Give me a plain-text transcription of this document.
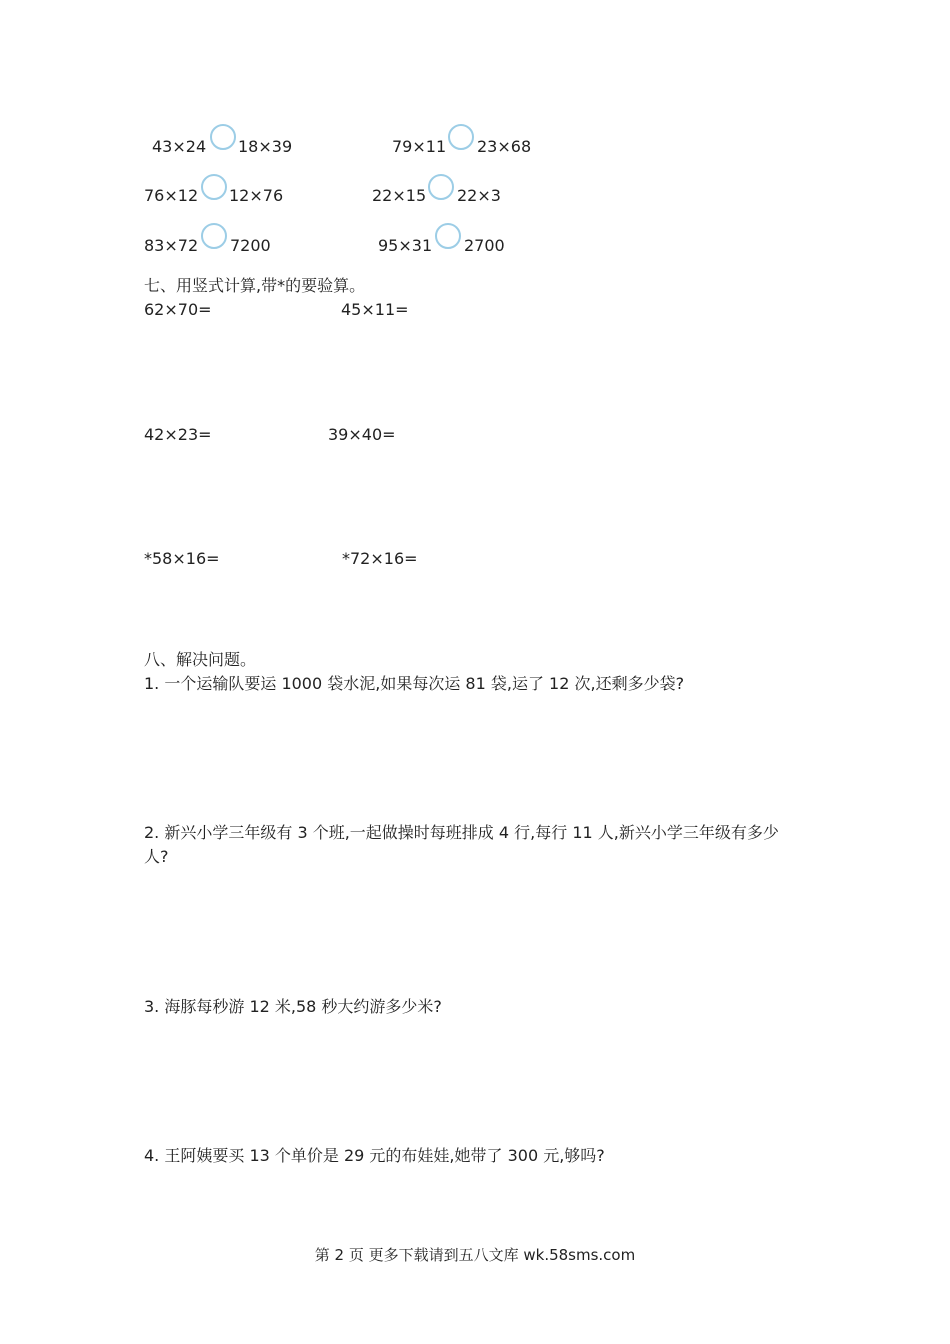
43×24 18×39	79×11 23×68
76×12 12×76	22×15 22×3
83×72 7200	95×31 2700
七、用竖式计算,带*的要验算。
62×70=	45×11=
42×23=	39×40=
*58×16=	*72×16=
八、解决问题。
1. 一个运输队要运 1000 袋水泥,如果每次运 81 袋,运了 12 次,还剩多少袋?
2. 新兴小学三年级有 3 个班,一起做操时每班排成 4 行,每行 11 人,新兴小学三年级有多少
人?
3. 海豚每秒游 12 米,58 秒大约游多少米?
4. 王阿姨要买 13 个单价是 29 元的布娃娃,她带了 300 元,够吗?
第 2 页 更多下载请到五八文库 wk.58sms.com
